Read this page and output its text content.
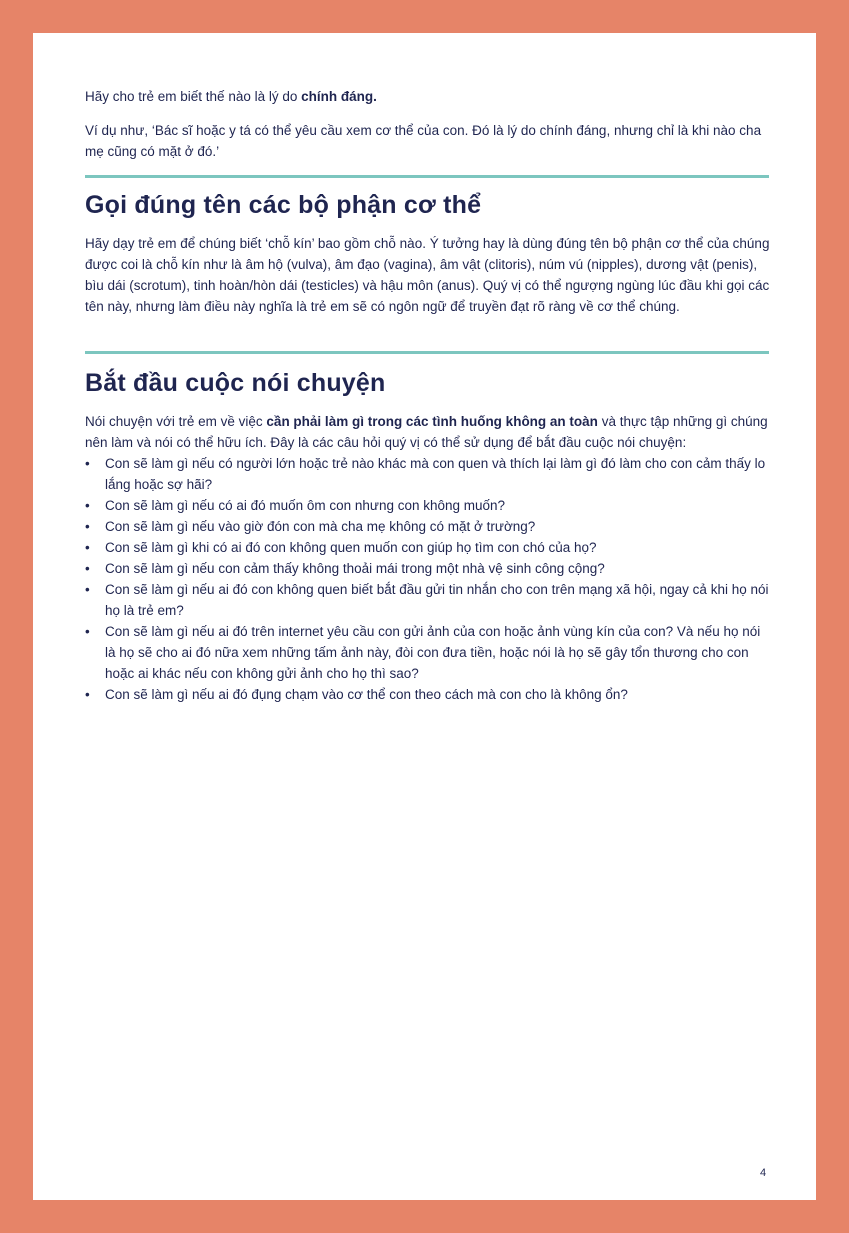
Hãy cho trẻ em biết thế nào là lý do chính đáng.

Ví dụ như, ‘Bác sĩ hoặc y tá có thể yêu cầu xem cơ thể của con. Đó là lý do chính đáng, nhưng chỉ là khi nào cha mẹ cũng có mặt ở đó.’

Gọi đúng tên các bộ phận cơ thể

Hãy dạy trẻ em để chúng biết ‘chỗ kín’ bao gồm chỗ nào. Ý tưởng hay là dùng đúng tên bộ phận cơ thể của chúng được coi là chỗ kín như là âm hộ (vulva), âm đạo (vagina), âm vật (clitoris), núm vú (nipples), dương vật (penis), bìu dái (scrotum), tinh hoàn/hòn dái (testicles) và hậu môn (anus). Quý vị có thể ngượng ngùng lúc đầu khi gọi các tên này, nhưng làm điều này nghĩa là trẻ em sẽ có ngôn ngữ để truyền đạt rõ ràng về cơ thể chúng.

Bắt đầu cuộc nói chuyện

Nói chuyện với trẻ em về việc cần phải làm gì trong các tình huống không an toàn và thực tập những gì chúng nên làm và nói có thể hữu ích. Đây là các câu hỏi quý vị có thể sử dụng để bắt đầu cuộc nói chuyện:

• Con sẽ làm gì nếu có người lớn hoặc trẻ nào khác mà con quen và thích lại làm gì đó làm cho con cảm thấy lo lắng hoặc sợ hãi?
• Con sẽ làm gì nếu có ai đó muốn ôm con nhưng con không muốn?
• Con sẽ làm gì nếu vào giờ đón con mà cha mẹ không có mặt ở trường?
• Con sẽ làm gì khi có ai đó con không quen muốn con giúp họ tìm con chó của họ?
• Con sẽ làm gì nếu con cảm thấy không thoải mái trong một nhà vệ sinh công cộng?
• Con sẽ làm gì nếu ai đó con không quen biết bắt đầu gửi tin nhắn cho con trên mạng xã hội, ngay cả khi họ nói họ là trẻ em?
• Con sẽ làm gì nếu ai đó trên internet yêu cầu con gửi ảnh của con hoặc ảnh vùng kín của con? Và nếu họ nói là họ sẽ cho ai đó nữa xem những tấm ảnh này, đòi con đưa tiền, hoặc nói là họ sẽ gây tổn thương cho con hoặc ai khác nếu con không gửi ảnh cho họ thì sao?
• Con sẽ làm gì nếu ai đó đụng chạm vào cơ thể con theo cách mà con cho là không ổn?
4
